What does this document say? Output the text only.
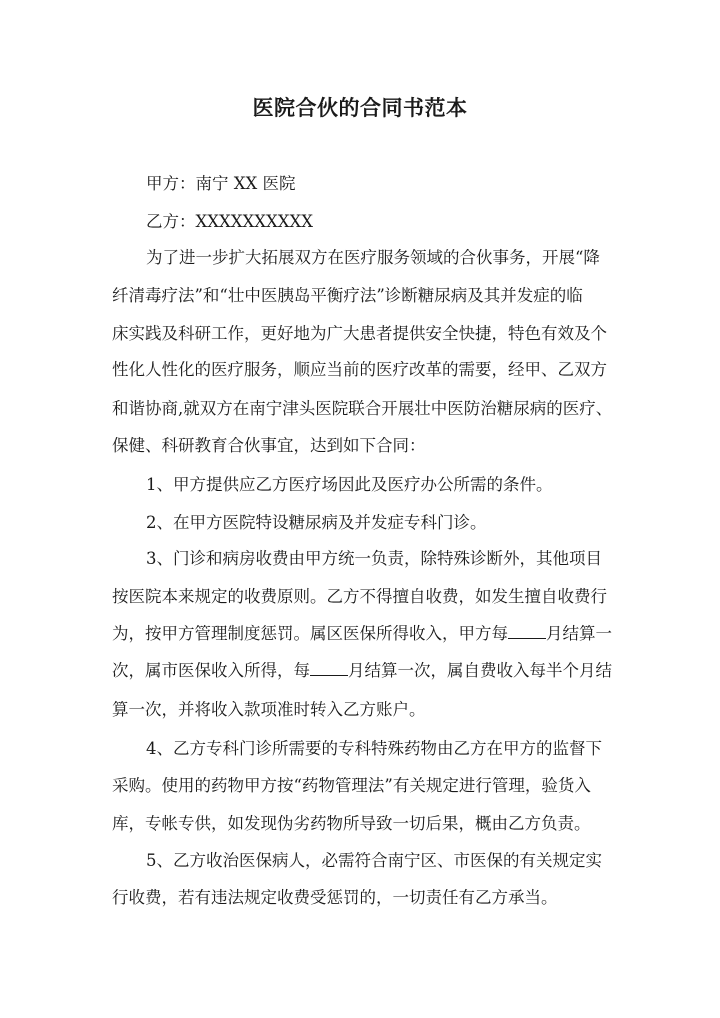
医院合伙的合同书范本
甲方：南宁 XX 医院
乙方：XXXXXXXXXX
为了进一步扩大拓展双方在医疗服务领域的合伙事务，开展“降
纤清毒疗法”和“壮中医胰岛平衡疗法”诊断糖尿病及其并发症的临
床实践及科研工作，更好地为广大患者提供安全快捷，特色有效及个
性化人性化的医疗服务，顺应当前的医疗改革的需要，经甲、乙双方
和谐协商,就双方在南宁津头医院联合开展壮中医防治糖尿病的医疗、
保健、科研教育合伙事宜，达到如下合同：
1、甲方提供应乙方医疗场因此及医疗办公所需的条件。
2、在甲方医院特设糖尿病及并发症专科门诊。
3、门诊和病房收费由甲方统一负责，除特殊诊断外，其他项目
按医院本来规定的收费原则。乙方不得擅自收费，如发生擅自收费行
为，按甲方管理制度惩罚。属区医保所得收入，甲方每 月结算一
次，属市医保收入所得，每 月结算一次，属自费收入每半个月结
算一次，并将收入款项准时转入乙方账户。
4、乙方专科门诊所需要的专科特殊药物由乙方在甲方的监督下
采购。使用的药物甲方按“药物管理法”有关规定进行管理，验货入
库，专帐专供，如发现伪劣药物所导致一切后果，概由乙方负责。
5、乙方收治医保病人，必需符合南宁区、市医保的有关规定实
行收费，若有违法规定收费受惩罚的，一切责任有乙方承当。
